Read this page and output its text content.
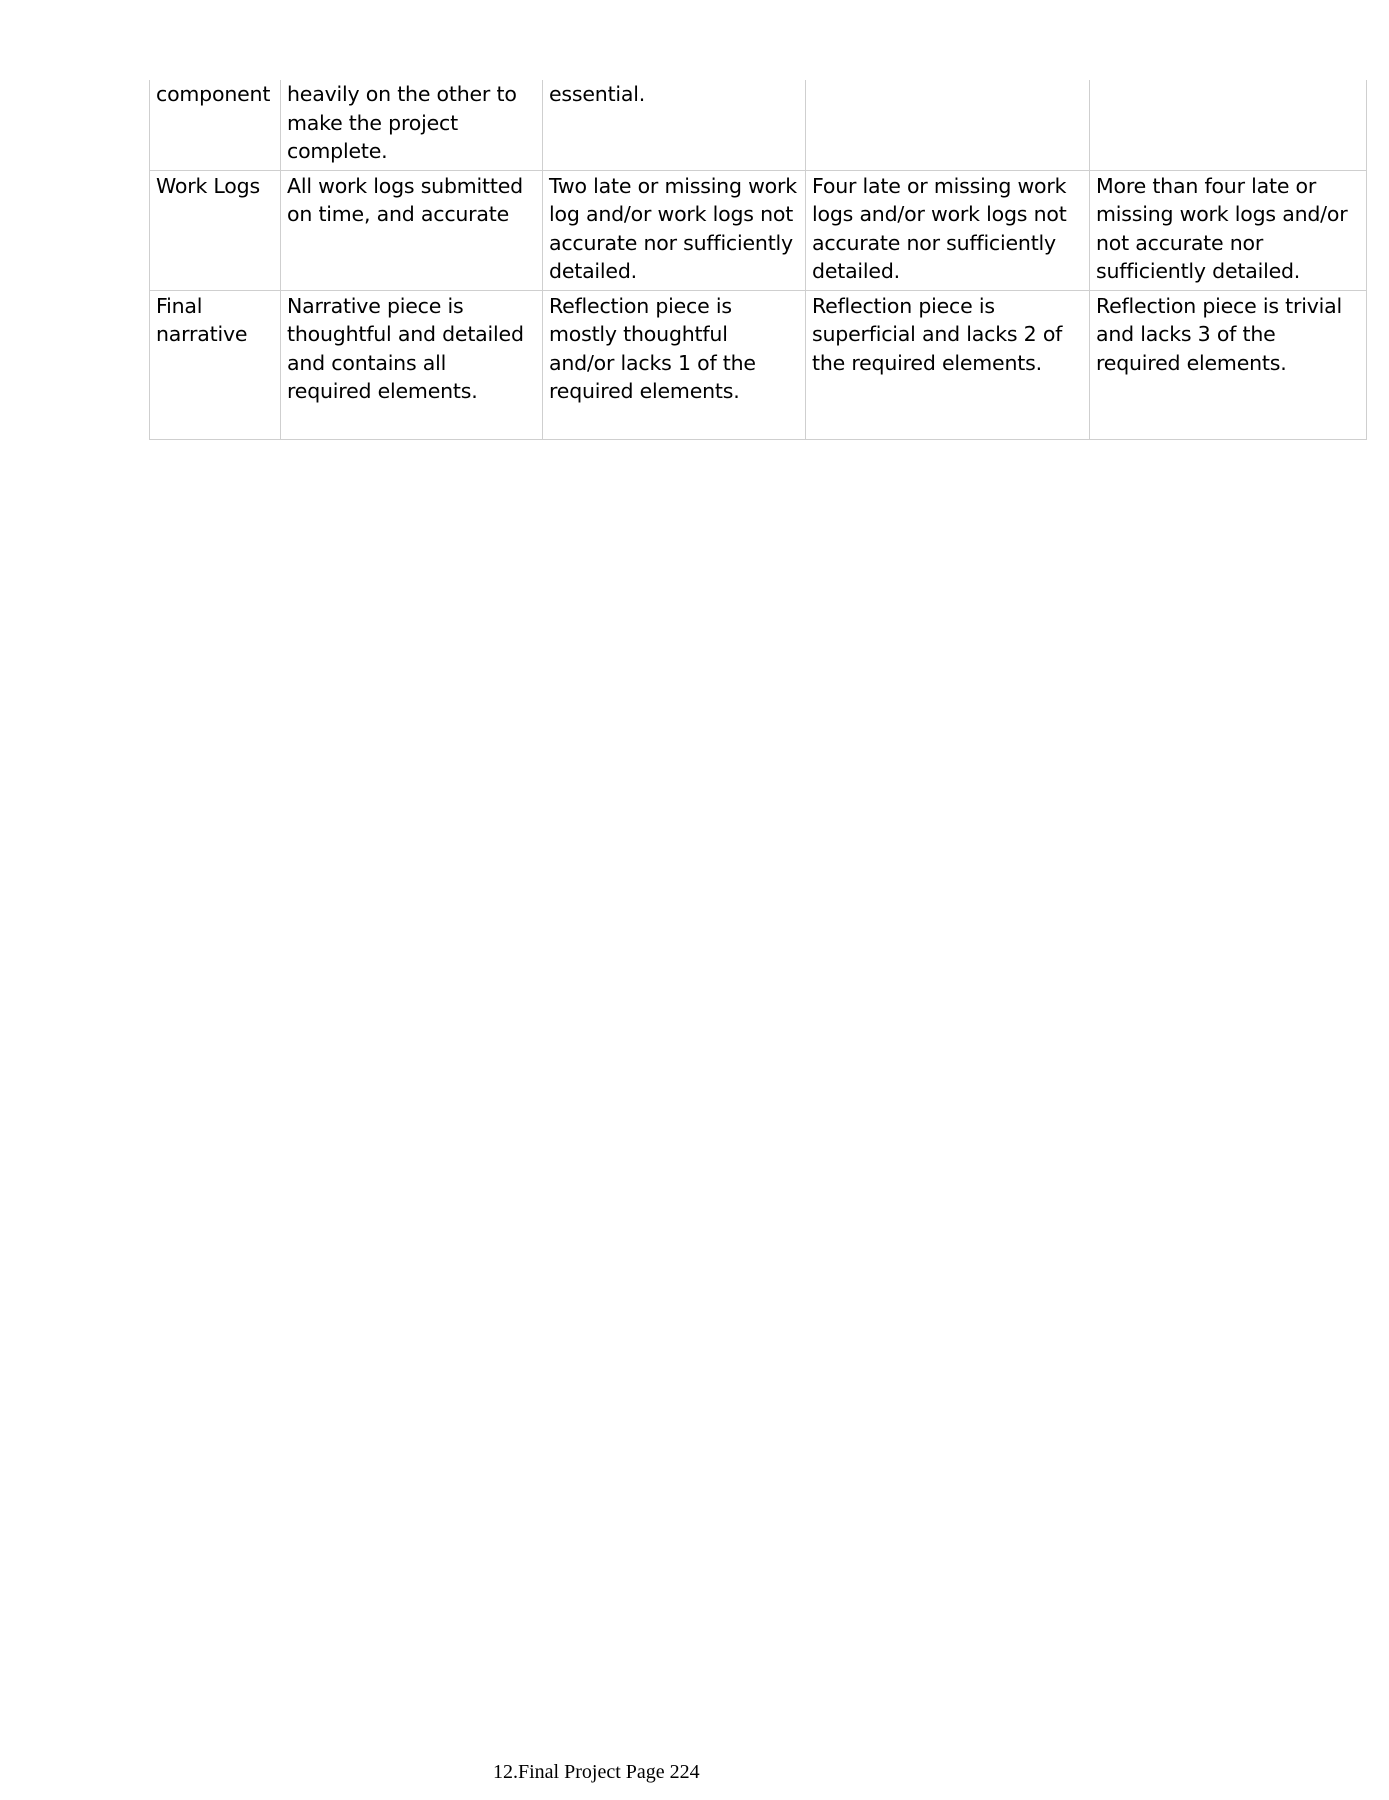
component	heavily on the other to make the project complete.	essential.		
Work Logs	All work logs submitted on time, and accurate	Two late or missing work log and/or work logs not accurate nor sufficiently detailed.	Four late or missing work logs and/or work logs not accurate nor sufficiently detailed.	More than four late or missing work logs and/or not accurate nor sufficiently detailed.
Final narrative	Narrative piece is thoughtful and detailed and contains all required elements.	Reflection piece is mostly thoughtful and/or lacks 1 of the required elements.	Reflection piece is superficial and lacks 2 of the required elements.	Reflection piece is trivial and lacks 3 of the required elements.
12.Final Project Page 224
